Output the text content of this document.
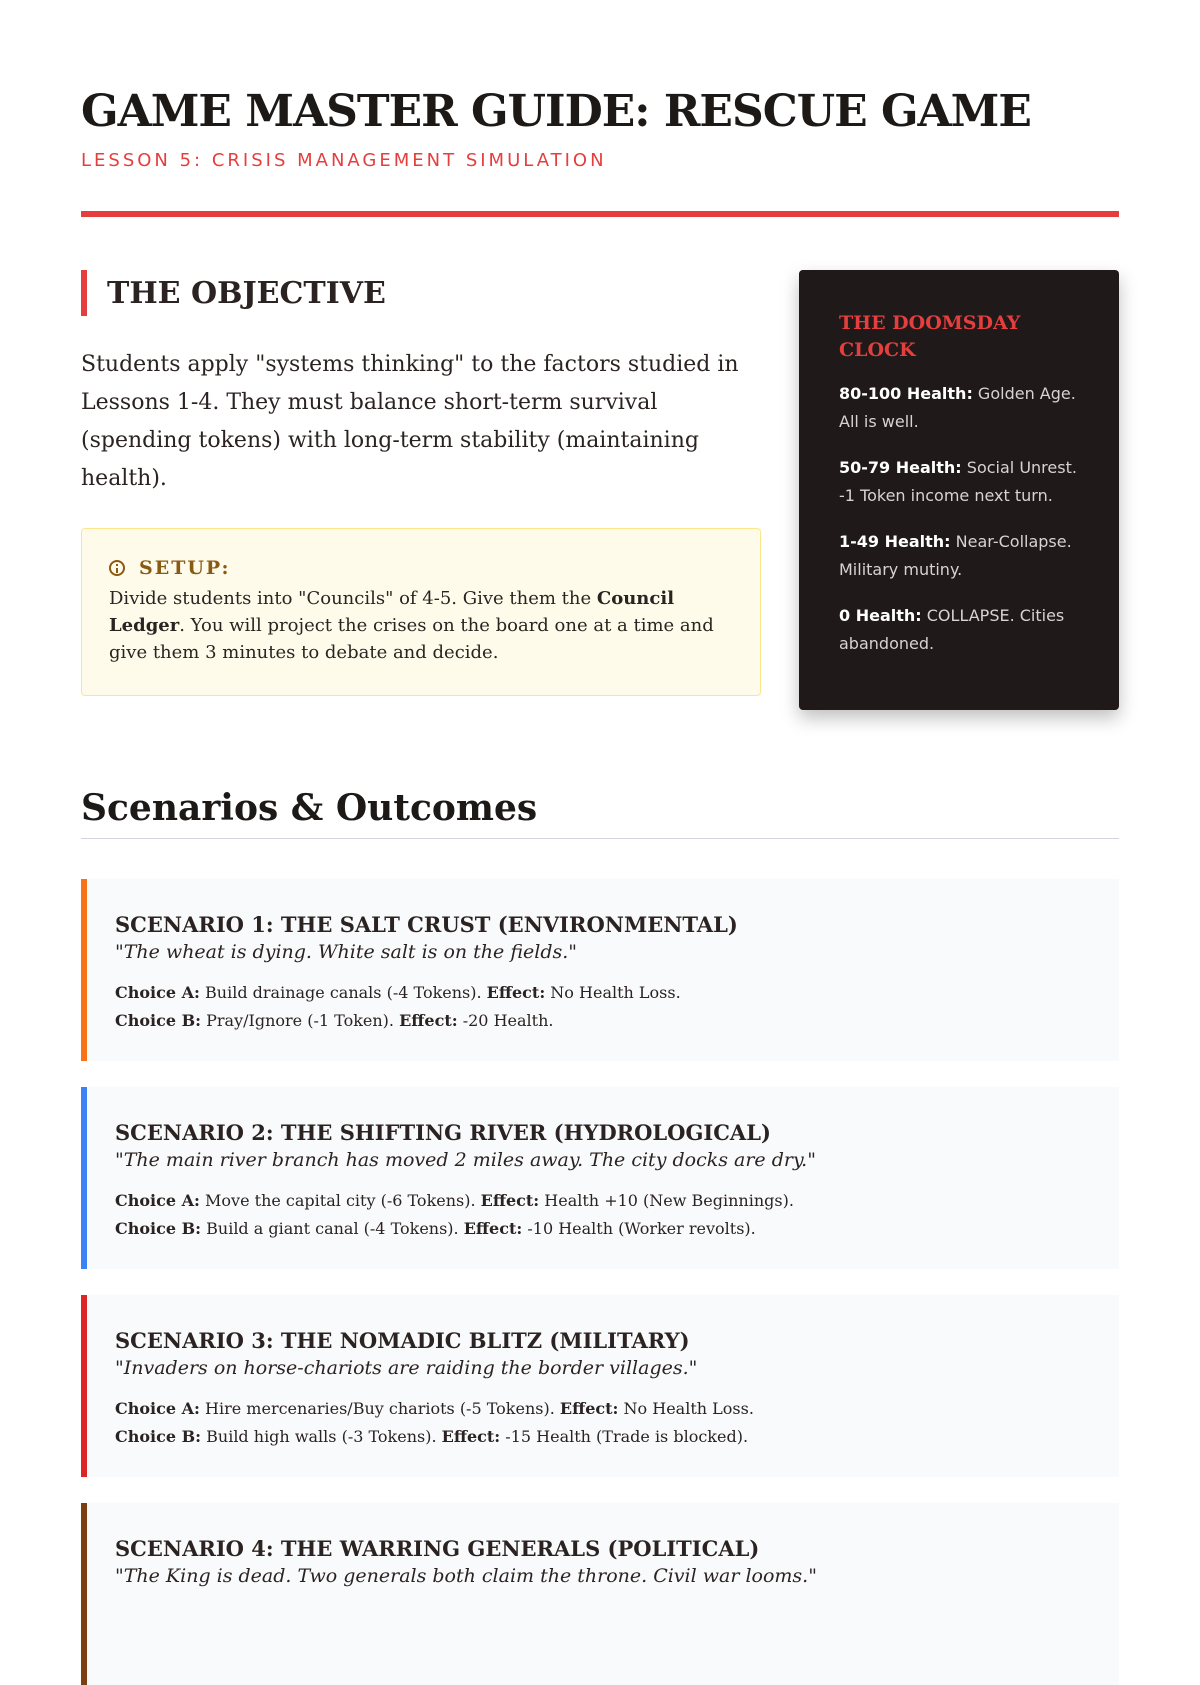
GAME MASTER GUIDE: RESCUE GAME
LESSON 5: CRISIS MANAGEMENT SIMULATION
THE OBJECTIVE
Students apply "systems thinking" to the factors studied in Lessons 1-4. They must balance short-term survival (spending tokens) with long-term stability (maintaining health).
SETUP:
Divide students into "Councils" of 4-5. Give them the Council Ledger. You will project the crises on the board one at a time and give them 3 minutes to debate and decide.
THE DOOMSDAY CLOCK
80-100 Health: Golden Age. All is well.
50-79 Health: Social Unrest. -1 Token income next turn.
1-49 Health: Near-Collapse. Military mutiny.
0 Health: COLLAPSE. Cities abandoned.
Scenarios & Outcomes
SCENARIO 1: THE SALT CRUST (ENVIRONMENTAL)
"The wheat is dying. White salt is on the fields."
Choice A: Build drainage canals (-4 Tokens). Effect: No Health Loss.
Choice B: Pray/Ignore (-1 Token). Effect: -20 Health.
SCENARIO 2: THE SHIFTING RIVER (HYDROLOGICAL)
"The main river branch has moved 2 miles away. The city docks are dry."
Choice A: Move the capital city (-6 Tokens). Effect: Health +10 (New Beginnings).
Choice B: Build a giant canal (-4 Tokens). Effect: -10 Health (Worker revolts).
SCENARIO 3: THE NOMADIC BLITZ (MILITARY)
"Invaders on horse-chariots are raiding the border villages."
Choice A: Hire mercenaries/Buy chariots (-5 Tokens). Effect: No Health Loss.
Choice B: Build high walls (-3 Tokens). Effect: -15 Health (Trade is blocked).
SCENARIO 4: THE WARRING GENERALS (POLITICAL)
"The King is dead. Two generals both claim the throne. Civil war looms."
